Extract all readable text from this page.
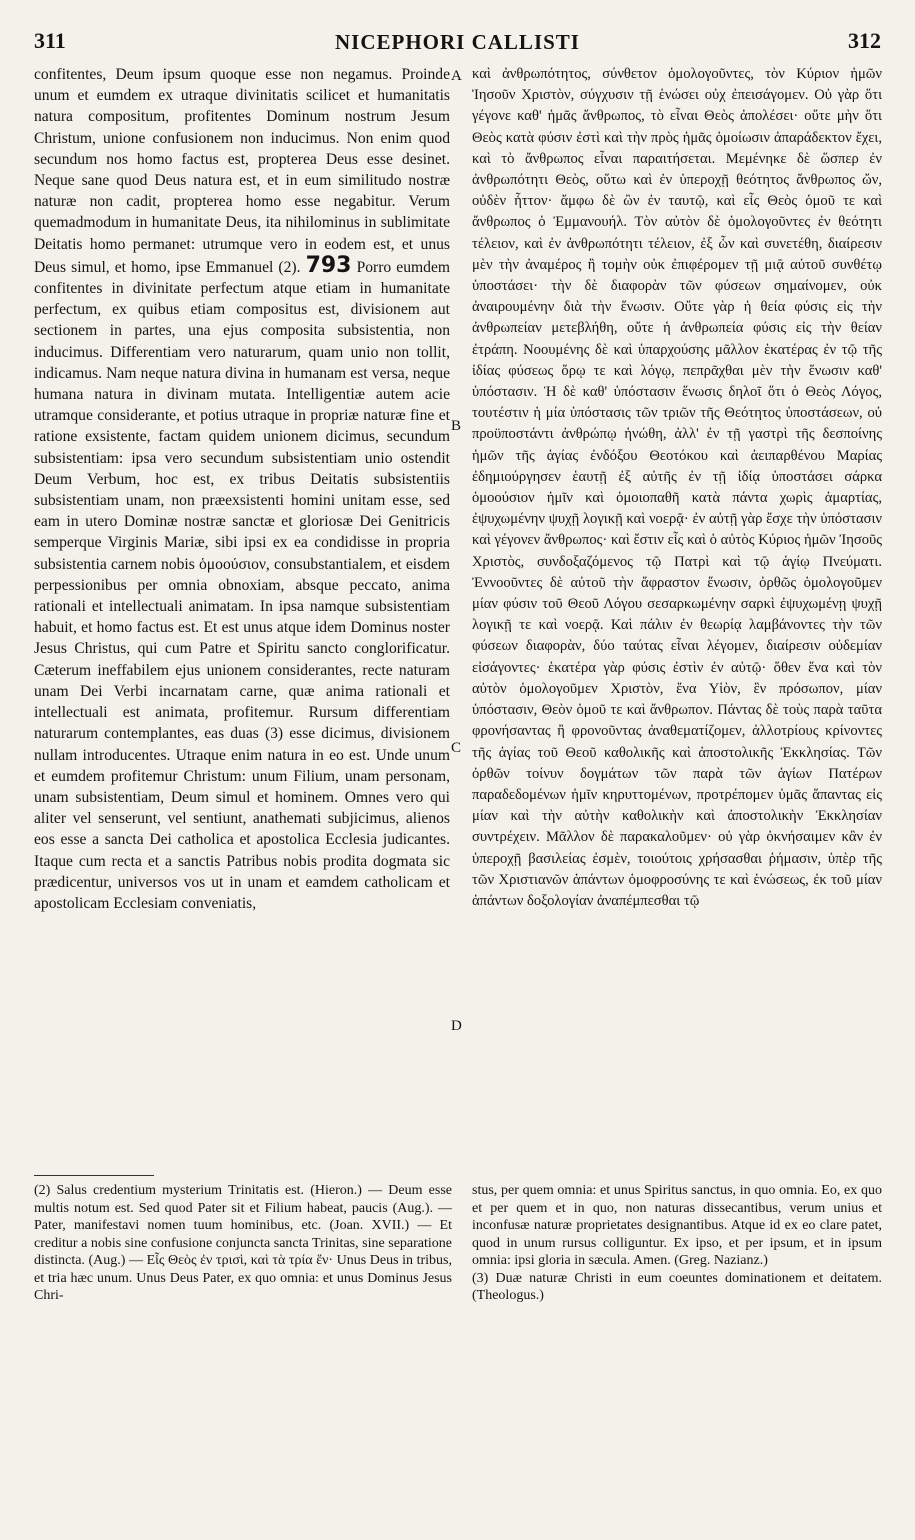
311	NICEPHORI CALLISTI	312

confitentes, Deum ipsum quoque esse non negamus. Proinde unum et eumdem ex utraque divinitatis scilicet et humanitatis natura compositum, profitentes Dominum nostrum Jesum Christum, unione confusionem non inducimus. Non enim quod secundum nos homo factus est, propterea Deus esse desinet. Neque sane quod Deus natura est, et in eum similitudo nostræ naturæ non cadit, propterea homo esse negabitur. Verum quemadmodum in humanitate Deus, ita nihilominus in sublimitate Deitatis homo permanet: utrumque vero in eodem est, et unus Deus simul, et homo, ipse Emmanuel (2). 793 Porro eumdem confitentes in divinitate perfectum atque etiam in humanitate perfectum, ex quibus etiam compositus est, divisionem aut sectionem in partes, una ejus composita subsistentia, non inducimus. Differentiam vero naturarum, quam unio non tollit, indicamus. Nam neque natura divina in humanam est versa, neque humana natura in divinam mutata. Intelligentiæ autem acie utramque considerante, et potius utraque in propriæ naturæ fine et ratione exsistente, factam quidem unionem dicimus, secundum subsistentiam: ipsa vero secundum subsistentiam unio ostendit Deum Verbum, hoc est, ex tribus Deitatis subsistentiis subsistentiam unam, non præexsistenti homini unitam esse, sed eam in utero Dominæ nostræ sanctæ et gloriosæ Dei Genitricis semperque Virginis Mariæ, sibi ipsi ex ea condidisse in propria subsistentia carnem nobis ὁμοούσιον, consubstantialem, et eisdem perpessionibus per omnia obnoxiam, absque peccato, anima rationali et intellectuali animatam. In ipsa namque subsistentiam habuit, et homo factus est. Et est unus atque idem Dominus noster Jesus Christus, qui cum Patre et Spiritu sancto conglorificatur. Cæterum ineffabilem ejus unionem considerantes, recte naturam unam Dei Verbi incarnatam carne, quæ anima rationali et intellectuali est animata, profitemur. Rursum differentiam naturarum contemplantes, eas duas (3) esse dicimus, divisionem nullam introducentes. Utraque enim natura in eo est. Unde unum et eumdem profitemur Christum: unum Filium, unam personam, unam subsistentiam, Deum simul et hominem. Omnes vero qui aliter vel senserunt, vel sentiunt, anathemati subjicimus, alienos eos esse a sancta Dei catholica et apostolica Ecclesia judicantes. Itaque cum recta et a sanctis Patribus nobis prodita dogmata sic prædicentur, universos vos ut in unam et eamdem catholicam et apostolicam Ecclesiam conveniatis,

A
B
C
D

καὶ ἀνθρωπότητος, σύνθετον ὁμολογοῦντες, τὸν Κύριον ἡμῶν Ἰησοῦν Χριστὸν, σύγχυσιν τῇ ἑνώσει οὐχ ἐπεισάγομεν. Οὐ γὰρ ὅτι γέγονε καθ' ἡμᾶς ἄνθρωπος, τὸ εἶναι Θεὸς ἀπολέσει· οὔτε μὴν ὅτι Θεὸς κατὰ φύσιν ἐστὶ καὶ τὴν πρὸς ἡμᾶς ὁμοίωσιν ἀπαράδεκτον ἔχει, καὶ τὸ ἄνθρωπος εἶναι παραιτήσεται. Μεμένηκε δὲ ὥσπερ ἐν ἀνθρωπότητι Θεὸς, οὕτω καὶ ἐν ὑπεροχῇ θεότητος ἄνθρωπος ὤν, οὐδὲν ἧττον· ἄμφω δὲ ὢν ἐν ταυτῷ, καὶ εἷς Θεὸς ὁμοῦ τε καὶ ἄνθρωπος ὁ Ἐμμανουήλ. Τὸν αὐτὸν δὲ ὁμολογοῦντες ἐν θεότητι τέλειον, καὶ ἐν ἀνθρωπότητι τέλειον, ἐξ ὧν καὶ συνετέθη, διαίρεσιν μὲν τὴν ἀναμέρος ἢ τομὴν οὐκ ἐπιφέρομεν τῇ μιᾷ αὐτοῦ συνθέτῳ ὑποστάσει· τὴν δὲ διαφορὰν τῶν φύσεων σημαίνομεν, οὐκ ἀναιρουμένην διὰ τὴν ἕνωσιν. Οὔτε γὰρ ἡ θεία φύσις εἰς τὴν ἀνθρωπείαν μετεβλήθη, οὔτε ἡ ἀνθρωπεία φύσις εἰς τὴν θείαν ἐτράπη. Νοουμένης δὲ καὶ ὑπαρχούσης μᾶλλον ἑκατέρας ἐν τῷ τῆς ἰδίας φύσεως ὅρῳ τε καὶ λόγῳ, πεπρᾶχθαι μὲν τὴν ἕνωσιν καθ' ὑπόστασιν. Ἡ δὲ καθ' ὑπόστασιν ἕνωσις δηλοῖ ὅτι ὁ Θεὸς Λόγος, τουτέστιν ἡ μία ὑπόστασις τῶν τριῶν τῆς Θεότητος ὑποστάσεων, οὐ προϋποστάντι ἀνθρώπῳ ἡνώθη, ἀλλ' ἐν τῇ γαστρὶ τῆς δεσποίνης ἡμῶν τῆς ἁγίας ἐνδόξου Θεοτόκου καὶ ἀειπαρθένου Μαρίας ἐδημιούργησεν ἑαυτῇ ἐξ αὐτῆς ἐν τῇ ἰδίᾳ ὑποστάσει σάρκα ὁμοούσιον ἡμῖν καὶ ὁμοιοπαθῆ κατὰ πάντα χωρὶς ἁμαρτίας, ἐψυχωμένην ψυχῇ λογικῇ καὶ νοερᾷ· ἐν αὐτῇ γὰρ ἔσχε τὴν ὑπόστασιν καὶ γέγονεν ἄνθρωπος· καὶ ἔστιν εἷς καὶ ὁ αὐτὸς Κύριος ἡμῶν Ἰησοῦς Χριστὸς, συνδοξαζόμενος τῷ Πατρὶ καὶ τῷ ἁγίῳ Πνεύματι. Ἐννοοῦντες δὲ αὐτοῦ τὴν ἄφραστον ἕνωσιν, ὀρθῶς ὁμολογοῦμεν μίαν φύσιν τοῦ Θεοῦ Λόγου σεσαρκωμένην σαρκὶ ἐψυχωμένῃ ψυχῇ λογικῇ τε καὶ νοερᾷ. Καὶ πάλιν ἐν θεωρίᾳ λαμβάνοντες τὴν τῶν φύσεων διαφορὰν, δύο ταύτας εἶναι λέγομεν, διαίρεσιν οὐδεμίαν εἰσάγοντες· ἑκατέρα γὰρ φύσις ἐστὶν ἐν αὐτῷ· ὅθεν ἕνα καὶ τὸν αὐτὸν ὁμολογοῦμεν Χριστὸν, ἕνα Υἱὸν, ἓν πρόσωπον, μίαν ὑπόστασιν, Θεὸν ὁμοῦ τε καὶ ἄνθρωπον. Πάντας δὲ τοὺς παρὰ ταῦτα φρονήσαντας ἢ φρονοῦντας ἀναθεματίζομεν, ἀλλοτρίους κρίνοντες τῆς ἁγίας τοῦ Θεοῦ καθολικῆς καὶ ἀποστολικῆς Ἐκκλησίας. Τῶν ὀρθῶν τοίνυν δογμάτων τῶν παρὰ τῶν ἁγίων Πατέρων παραδεδομένων ἡμῖν κηρυττομένων, προτρέπομεν ὑμᾶς ἅπαντας εἰς μίαν καὶ τὴν αὐτὴν καθολικὴν καὶ ἀποστολικὴν Ἐκκλησίαν συντρέχειν. Μᾶλλον δὲ παρακαλοῦμεν· οὐ γὰρ ὀκνήσαιμεν κἂν ἐν ὑπεροχῇ βασιλείας ἐσμὲν, τοιούτοις χρήσασθαι ῥήμασιν, ὑπὲρ τῆς τῶν Χριστιανῶν ἁπάντων ὁμοφροσύνης τε καὶ ἑνώσεως, ἐκ τοῦ μίαν ἁπάντων δοξολογίαν ἀναπέμπεσθαι τῷ

(2) Salus credentium mysterium Trinitatis est. (Hieron.) — Deum esse multis notum est. Sed quod Pater sit et Filium habeat, paucis (Aug.). — Pater, manifestavi nomen tuum hominibus, etc. (Joan. XVII.) — Et creditur a nobis sine confusione conjuncta sancta Trinitas, sine separatione distincta. (Aug.) — Εἷς Θεὸς ἐν τρισὶ, καὶ τὰ τρία ἕν· Unus Deus in tribus, et tria hæc unum. Unus Deus Pater, ex quo omnia: et unus Dominus Jesus Chri-

stus, per quem omnia: et unus Spiritus sanctus, in quo omnia. Eo, ex quo et per quem et in quo, non naturas dissecantibus, verum unius et inconfusæ naturæ proprietates designantibus. Atque id ex eo clare patet, quod in unum rursus colliguntur. Ex ipso, et per ipsum, et in ipsum omnia: ipsi gloria in sæcula. Amen. (Greg. Nazianz.)

(3) Duæ naturæ Christi in eum coeuntes dominationem et deitatem. (Theologus.)
